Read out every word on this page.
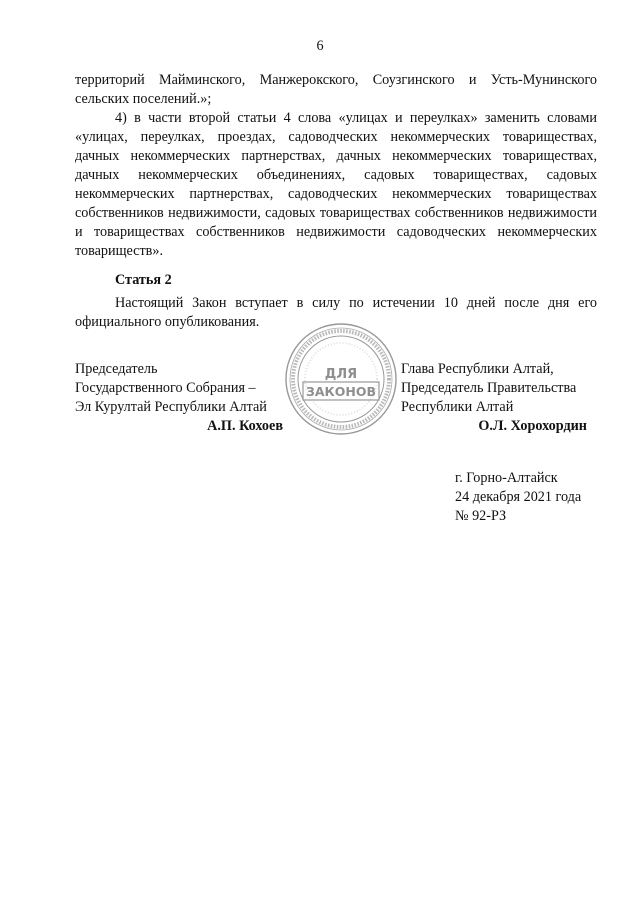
6

территорий Майминского, Манжерокского, Соузгинского и Усть-Мунинского сельских поселений.»;

4) в части второй статьи 4 слова «улицах и переулках» заменить словами «улицах, переулках, проездах, садоводческих некоммерческих товариществах, дачных некоммерческих партнерствах, дачных некоммерческих товариществах, дачных некоммерческих объединениях, садовых товариществах, садовых некоммерческих партнерствах, садоводческих некоммерческих товариществах собственников недвижимости, садовых товариществах собственников недвижимости и товариществах собственников недвижимости садоводческих некоммерческих товариществ».

Статья 2

Настоящий Закон вступает в силу по истечении 10 дней после дня его официального опубликования.

Председатель
Государственного Собрания –
Эл Курултай Республики Алтай
А.П. Кохоев
Глава Республики Алтай,
Председатель Правительства
Республики Алтай
О.Л. Хорохордин
ДЛЯ
ЗАКОНОВ
г. Горно-Алтайск
24 декабря 2021 года
№ 92-РЗ
